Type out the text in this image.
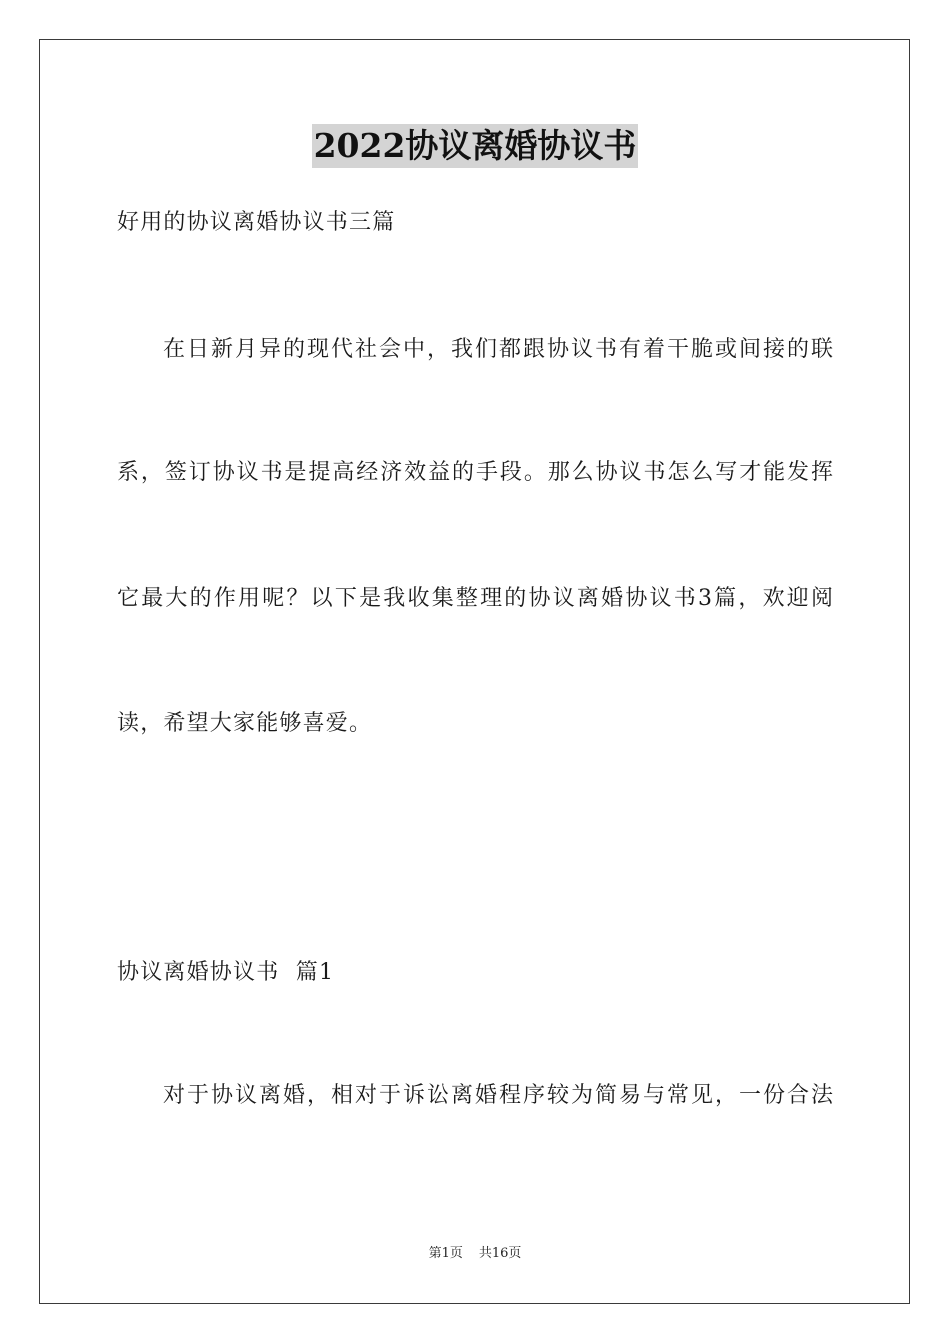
2022协议离婚协议书
好用的协议离婚协议书三篇
在日新月异的现代社会中，我们都跟协议书有着干脆或间接的联
系，签订协议书是提高经济效益的手段。那么协议书怎么写才能发挥
它最大的作用呢？以下是我收集整理的协议离婚协议书3篇，欢迎阅
读，希望大家能够喜爱。
协议离婚协议书  篇1
对于协议离婚，相对于诉讼离婚程序较为简易与常见，一份合法
第1页 共16页
